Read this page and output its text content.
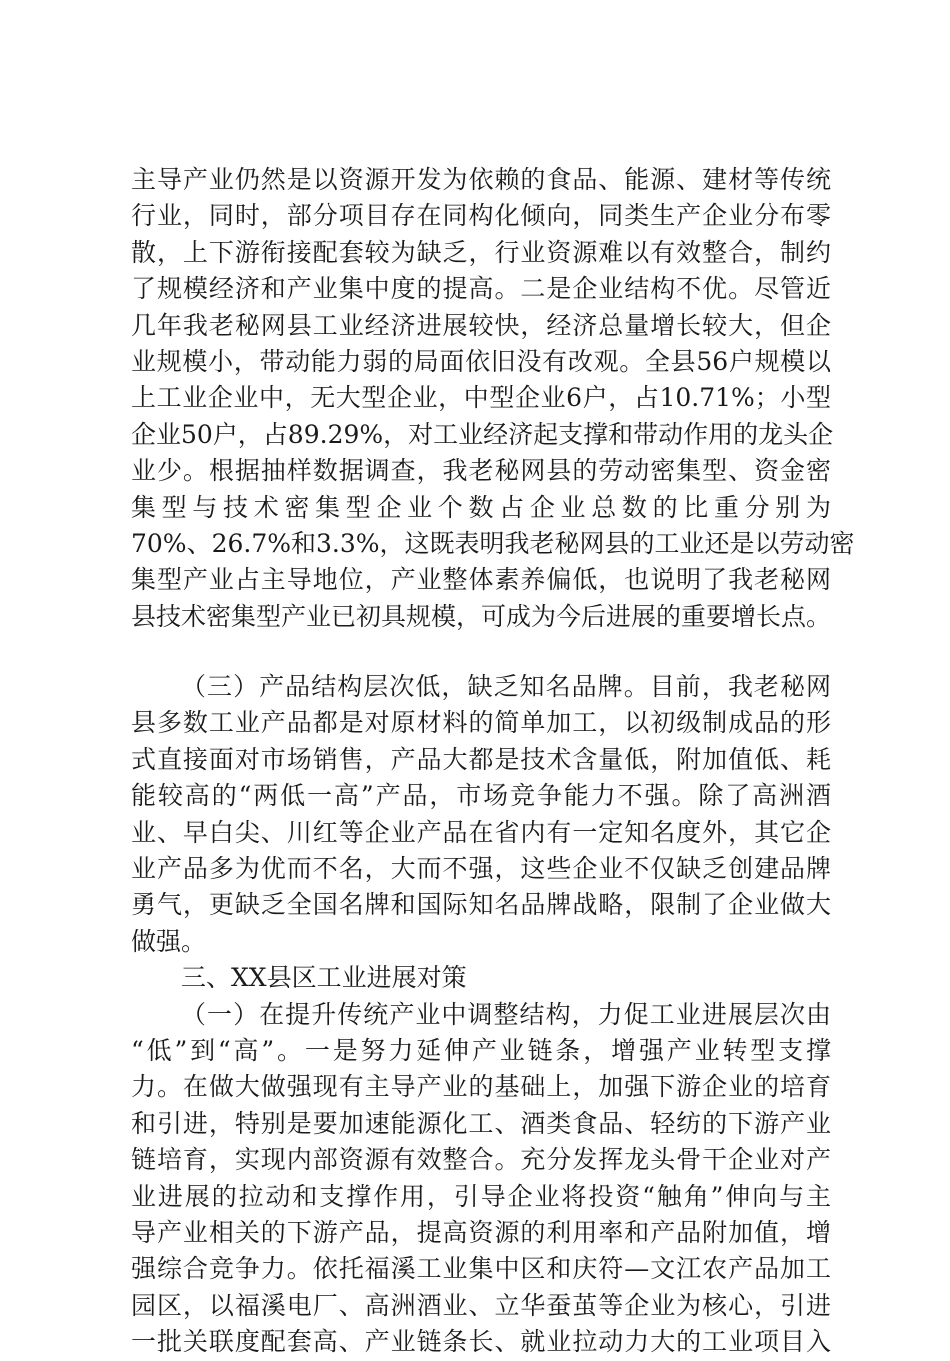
主导产业仍然是以资源开发为依赖的食品、能源、建材等传统
行业，同时，部分项目存在同构化倾向，同类生产企业分布零
散，上下游衔接配套较为缺乏，行业资源难以有效整合，制约
了规模经济和产业集中度的提高。二是企业结构不优。尽管近
几年我老秘网县工业经济进展较快，经济总量增长较大，但企
业规模小，带动能力弱的局面依旧没有改观。全县56户规模以
上工业企业中，无大型企业，中型企业6户，占10.71%；小型
企业50户，占89.29%，对工业经济起支撑和带动作用的龙头企
业少。根据抽样数据调查，我老秘网县的劳动密集型、资金密
集型与技术密集型企业个数占企业总数的比重分别为
70%、26.7%和3.3%，这既表明我老秘网县的工业还是以劳动密
集型产业占主导地位，产业整体素养偏低，也说明了我老秘网
县技术密集型产业已初具规模，可成为今后进展的重要增长点。
（三）产品结构层次低，缺乏知名品牌。目前，我老秘网
县多数工业产品都是对原材料的简单加工，以初级制成品的形
式直接面对市场销售，产品大都是技术含量低，附加值低、耗
能较高的“两低一高”产品，市场竞争能力不强。除了高洲酒
业、早白尖、川红等企业产品在省内有一定知名度外，其它企
业产品多为优而不名，大而不强，这些企业不仅缺乏创建品牌
勇气，更缺乏全国名牌和国际知名品牌战略，限制了企业做大
做强。
三、XX县区工业进展对策
（一）在提升传统产业中调整结构，力促工业进展层次由
“低”到“高”。一是努力延伸产业链条，增强产业转型支撑
力。在做大做强现有主导产业的基础上，加强下游企业的培育
和引进，特别是要加速能源化工、酒类食品、轻纺的下游产业
链培育，实现内部资源有效整合。充分发挥龙头骨干企业对产
业进展的拉动和支撑作用，引导企业将投资“触角”伸向与主
导产业相关的下游产品，提高资源的利用率和产品附加值，增
强综合竞争力。依托福溪工业集中区和庆符—文江农产品加工
园区，以福溪电厂、高洲酒业、立华蚕茧等企业为核心，引进
一批关联度配套高、产业链条长、就业拉动力大的工业项目入
